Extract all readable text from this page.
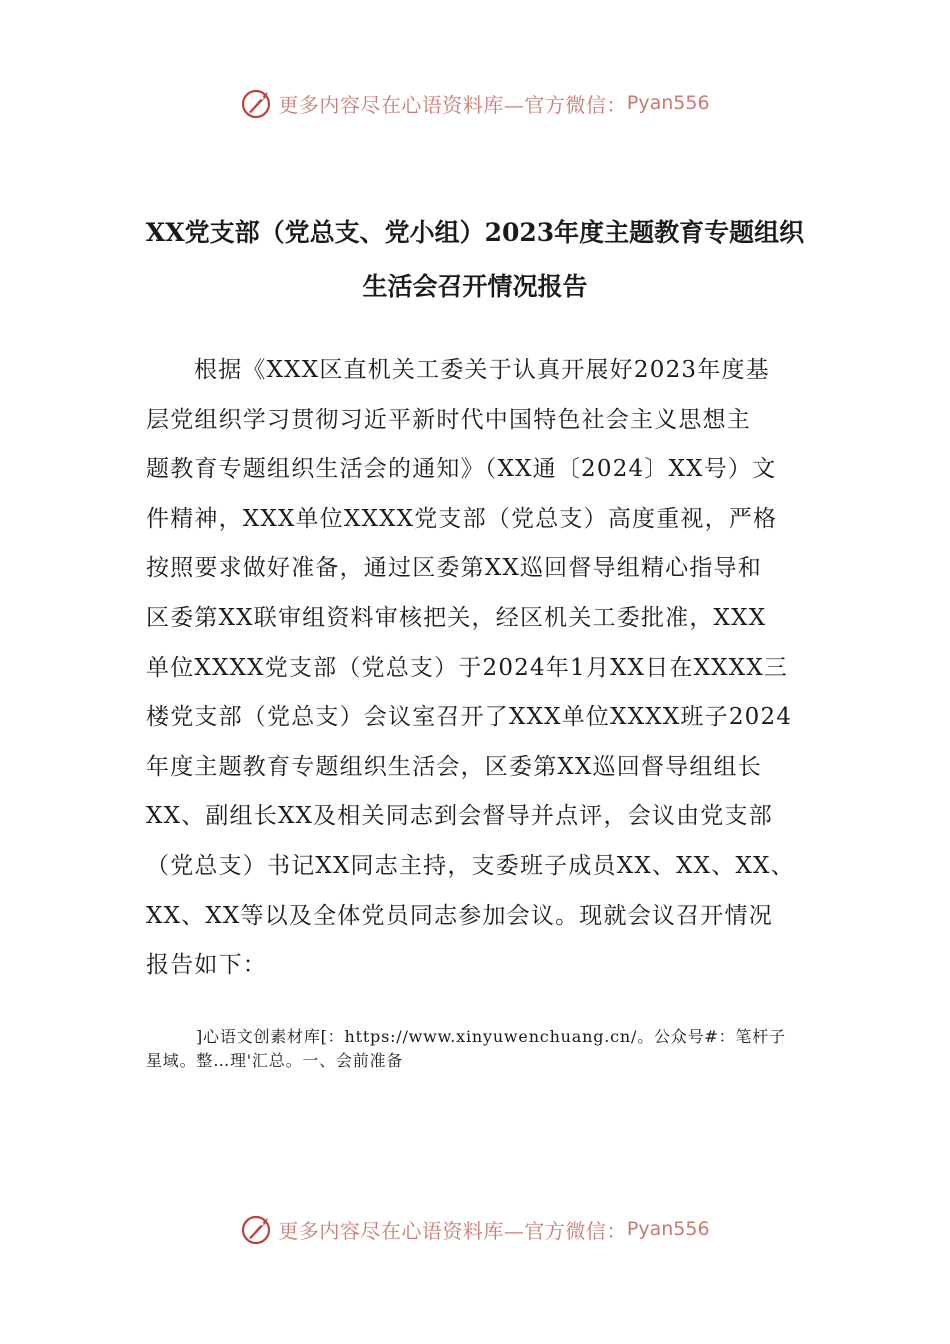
更多内容尽在心语资料库—官方微信： Pyan556
XX党支部（党总支、党小组）2023年度主题教育专题组织
生活会召开情况报告
根据《XXX区直机关工委关于认真开展好2023年度基
层党组织学习贯彻习近平新时代中国特色社会主义思想主
题教育专题组织生活会的通知》（XX通〔2024〕XX号）文
件精神，XXX单位XXXX党支部（党总支）高度重视，严格
按照要求做好准备，通过区委第XX巡回督导组精心指导和
区委第XX联审组资料审核把关，经区机关工委批准，XXX
单位XXXX党支部（党总支）于2024年1月XX日在XXXX三
楼党支部（党总支）会议室召开了XXX单位XXXX班子2024
年度主题教育专题组织生活会，区委第XX巡回督导组组长
XX、副组长XX及相关同志到会督导并点评，会议由党支部
（党总支）书记XX同志主持，支委班子成员XX、XX、XX、
XX、XX等以及全体党员同志参加会议。现就会议召开情况
报告如下：
]心语文创素材库[：https://www.xinyuwenchuang.cn/。公众号#：笔杆子
星域。整…理'汇总。一、会前准备
更多内容尽在心语资料库—官方微信： Pyan556
